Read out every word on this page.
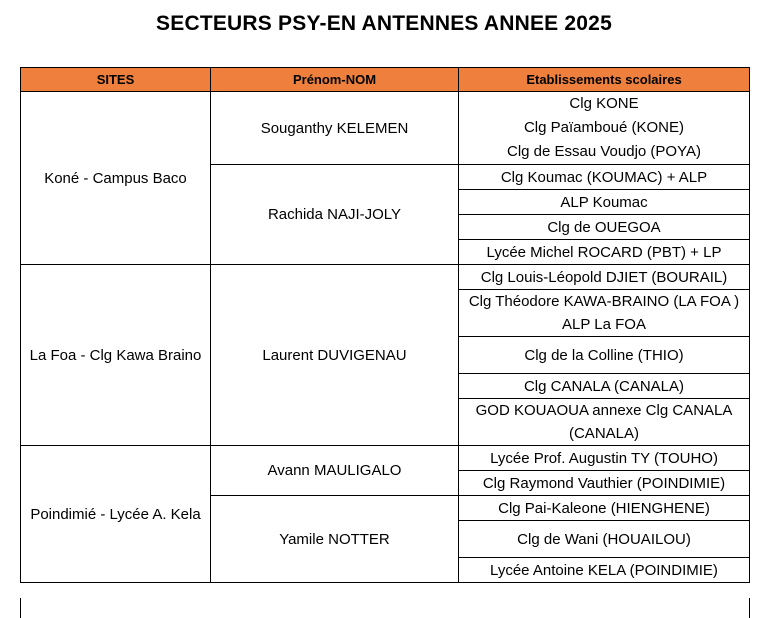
SECTEURS PSY-EN ANTENNES ANNEE 2025
SITES	Prénom-NOM	Etablissements scolaires
Koné - Campus Baco	Souganthy KELEMEN	Clg KONE
Clg Païamboué (KONE)
Clg de Essau Voudjo (POYA)

	Rachida NAJI-JOLY	Clg Koumac (KOUMAC) + ALP
		ALP Koumac
		Clg de OUEGOA
		Lycée Michel ROCARD (PBT) + LP
La Foa - Clg Kawa Braino	Laurent DUVIGENAU	Clg Louis-Léopold DJIET (BOURAIL)

		Clg Théodore KAWA-BRAINO (LA FOA )
ALP La FOA

		Clg de la Colline (THIO)
		Clg CANALA (CANALA)
		GOD KOUAOUA annexe Clg CANALA (CANALA)
Poindimié - Lycée A. Kela	Avann MAULIGALO	Lycée Prof. Augustin TY (TOUHO)
		Clg Raymond Vauthier (POINDIMIE)
	Yamile NOTTER	Clg Pai-Kaleone (HIENGHENE)
		Clg de Wani (HOUAILOU)
		Lycée Antoine KELA (POINDIMIE)
